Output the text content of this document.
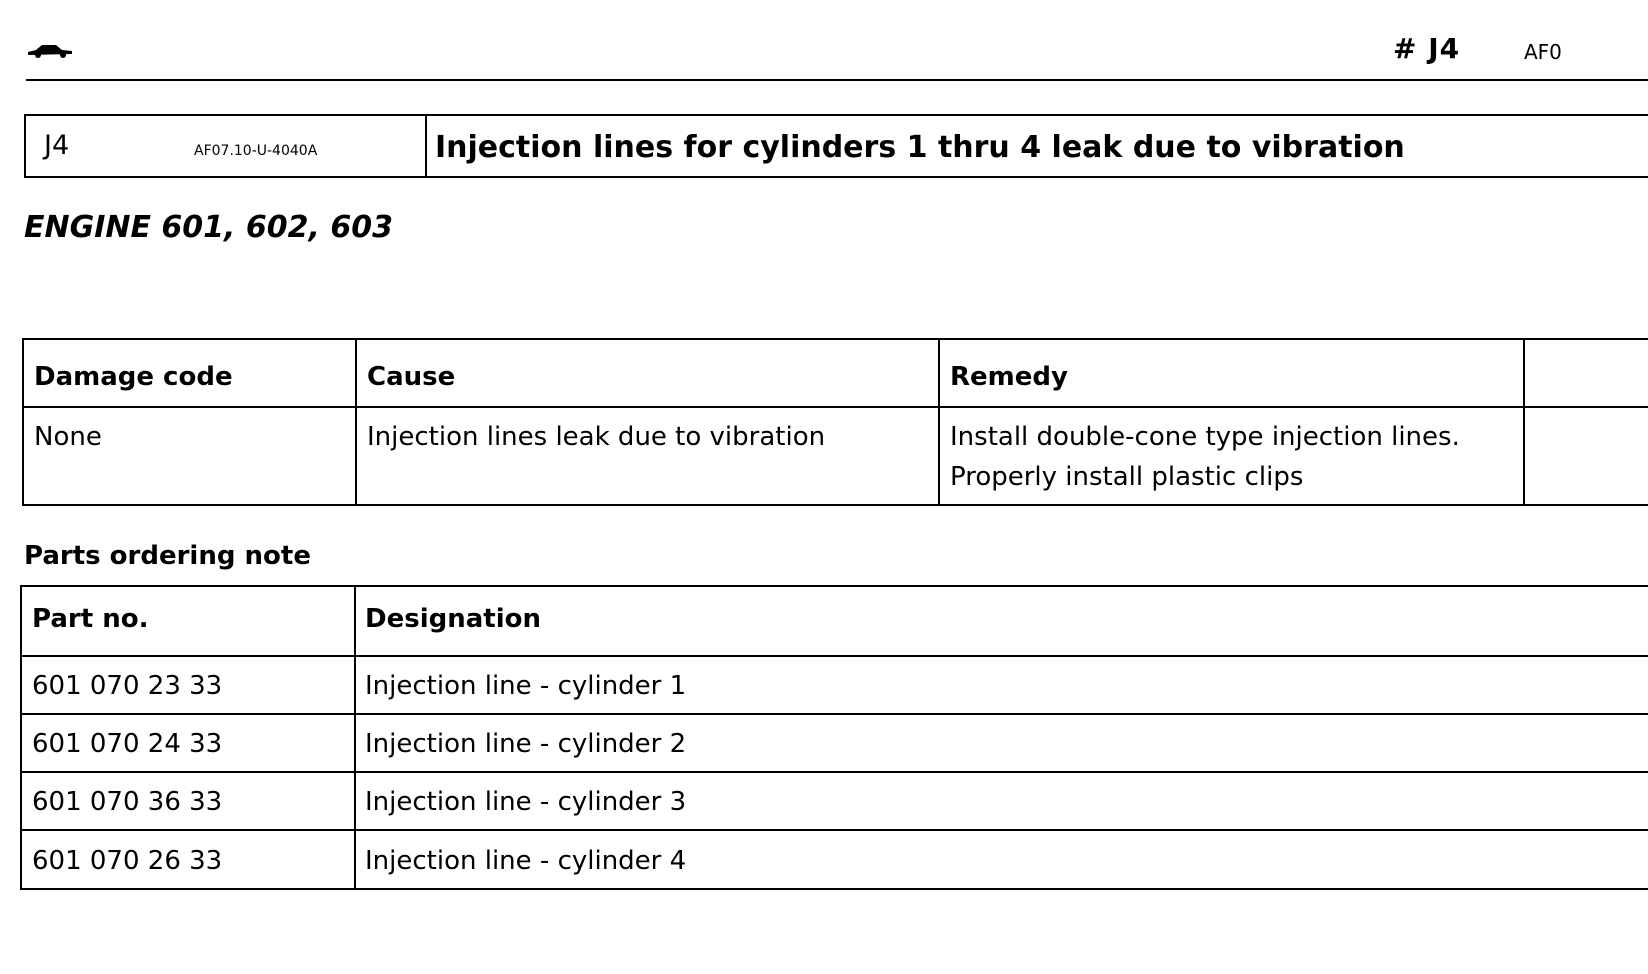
# J4	AF0
J4	AF07.10-U-4040A	Injection lines for cylinders 1 thru 4 leak due to vibration
ENGINE 601, 602, 603
Damage code	Cause	Remedy
None	Injection lines leak due to vibration	Install double-cone type injection lines.
Properly install plastic clips
Parts ordering note
Part no.	Designation
601 070 23 33	Injection line - cylinder 1
601 070 24 33	Injection line - cylinder 2
601 070 36 33	Injection line - cylinder 3
601 070 26 33	Injection line - cylinder 4
